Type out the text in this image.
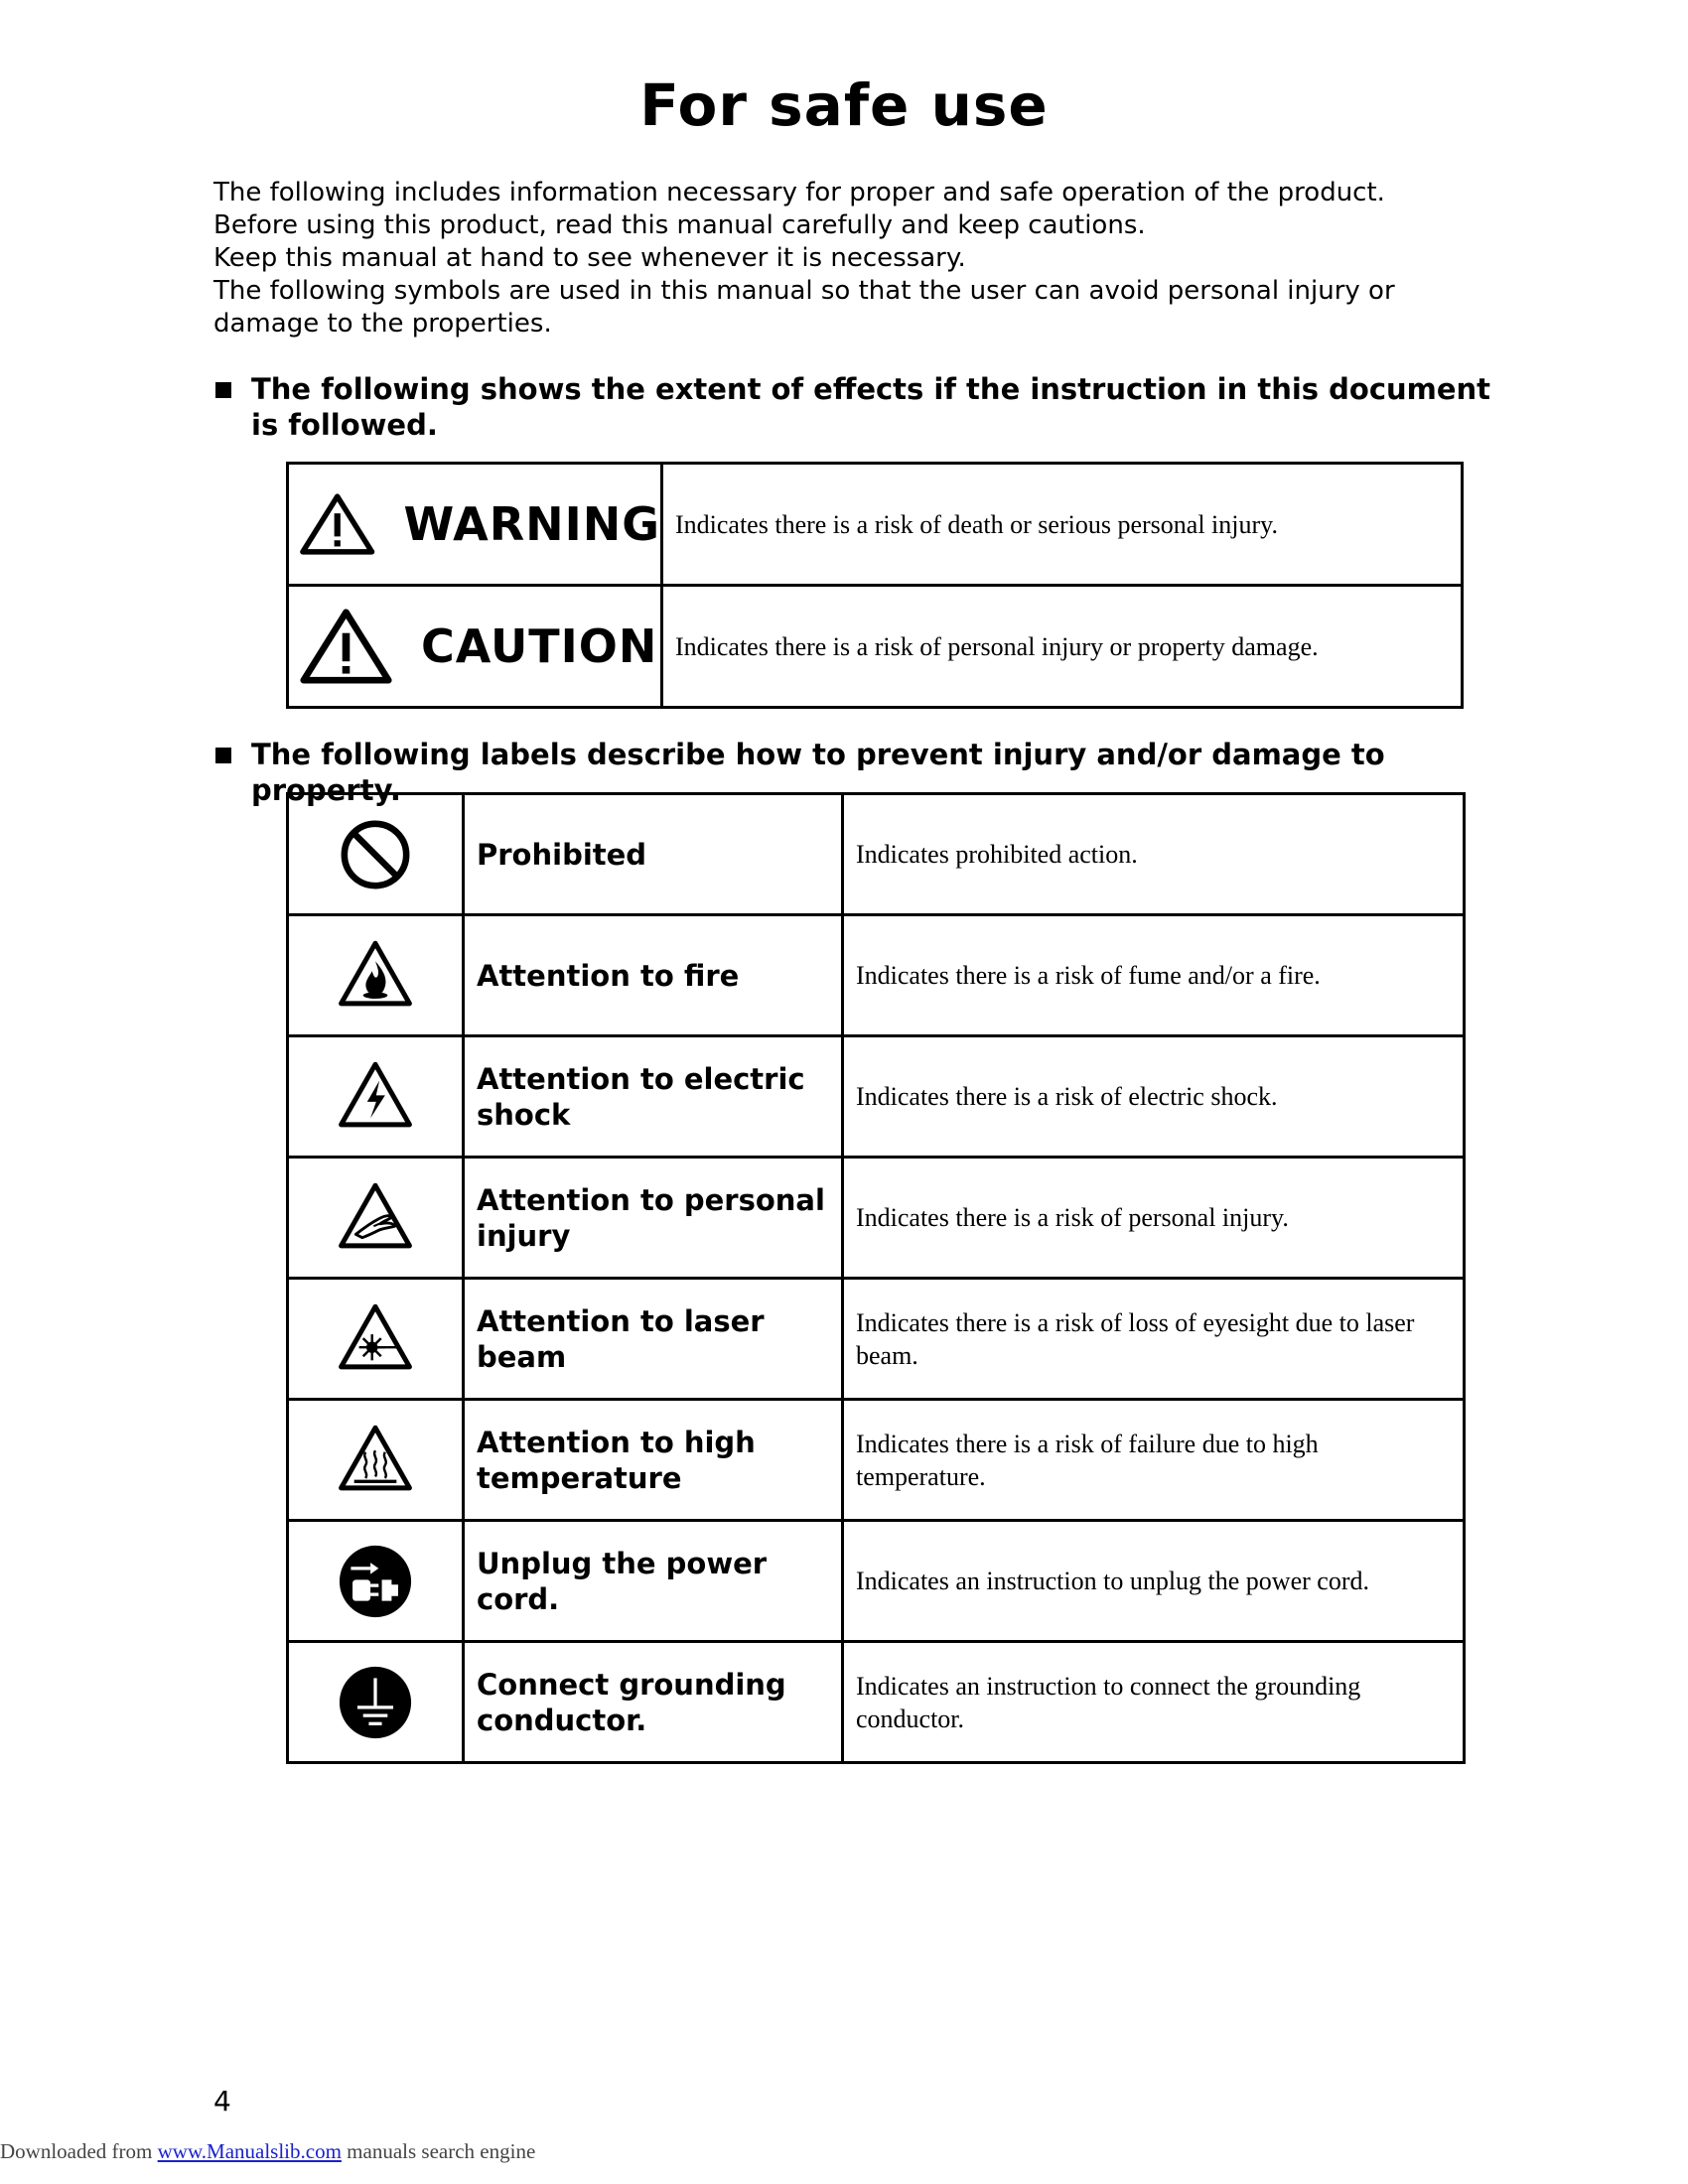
For safe use

The following includes information necessary for proper and safe operation of the product.

Before using this product, read this manual carefully and keep cautions.

Keep this manual at hand to see whenever it is necessary.

The following symbols are used in this manual so that the user can avoid personal injury or damage to the properties.

The following shows the extent of effects if the instruction in this document is followed.
WARNING	Indicates there is a risk of death or serious personal injury.

CAUTION	Indicates there is a risk of personal injury or property damage.
The following labels describe how to prevent injury and/or damage to property.
	Prohibited	Indicates prohibited action.
	Attention to fire	Indicates there is a risk of fume and/or a fire.
	Attention to electric shock	Indicates there is a risk of electric shock.
	Attention to personal injury	Indicates there is a risk of personal injury.
	Attention to laser beam	Indicates there is a risk of loss of eyesight due to laser beam.
	Attention to high temperature	Indicates there is a risk of failure due to high temperature.
	Unplug the power cord.	Indicates an instruction to unplug the power cord.
	Connect grounding conductor.	Indicates an instruction to connect the grounding conductor.
4
Downloaded from www.Manualslib.com manuals search engine
